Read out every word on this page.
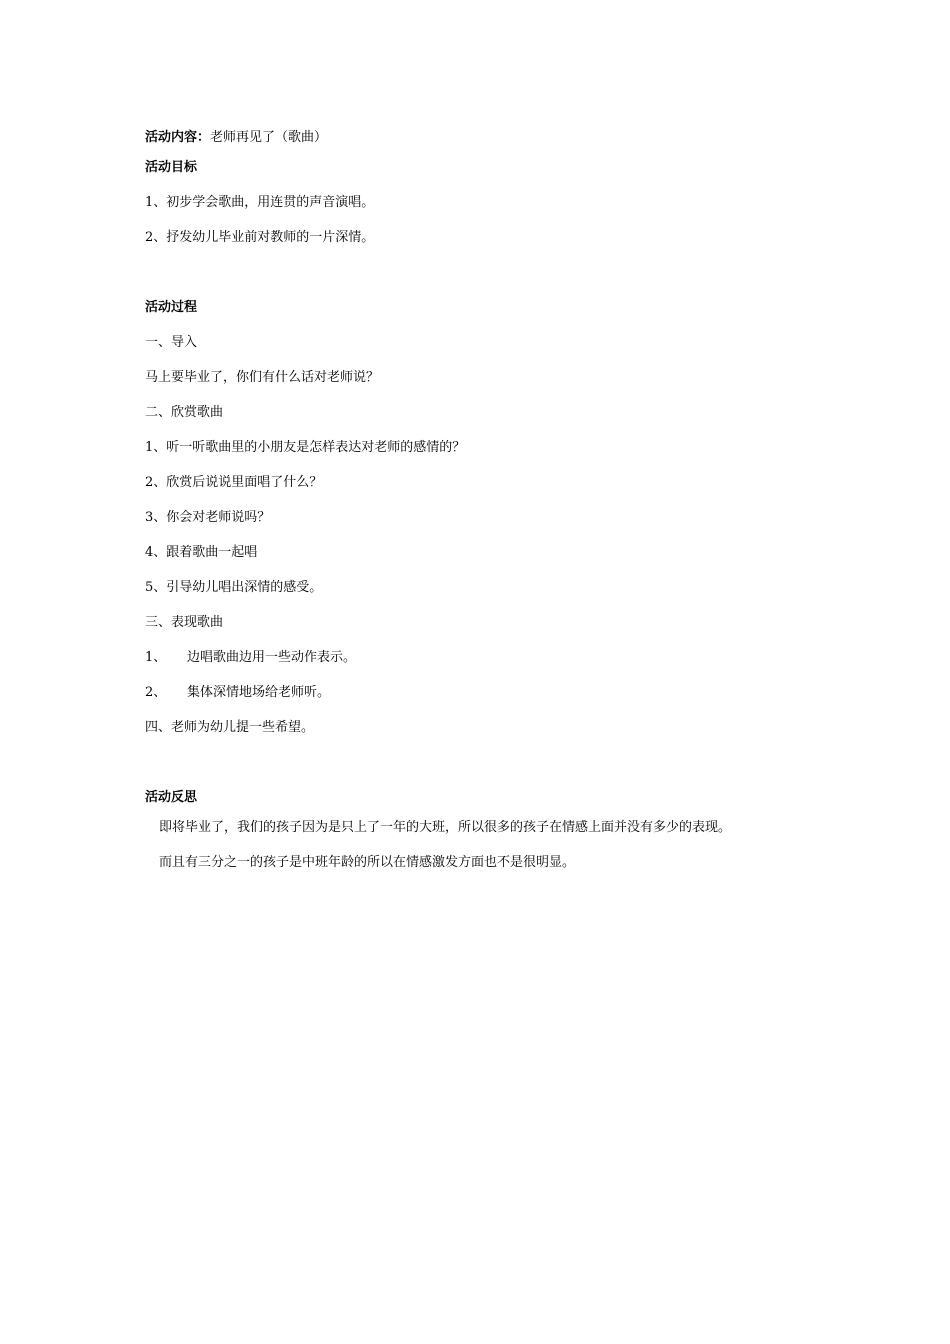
活动内容：老师再见了（歌曲）
活动目标
1、初步学会歌曲，用连贯的声音演唱。
2、抒发幼儿毕业前对教师的一片深情。
活动过程
一、导入
马上要毕业了，你们有什么话对老师说？
二、欣赏歌曲
1、听一听歌曲里的小朋友是怎样表达对老师的感情的？
2、欣赏后说说里面唱了什么？
3、你会对老师说吗？
4、跟着歌曲一起唱
5、引导幼儿唱出深情的感受。
三、表现歌曲
1、 边唱歌曲边用一些动作表示。
2、 集体深情地场给老师听。
四、老师为幼儿提一些希望。
活动反思
即将毕业了，我们的孩子因为是只上了一年的大班，所以很多的孩子在情感上面并没有多少的表现。
而且有三分之一的孩子是中班年龄的所以在情感激发方面也不是很明显。
